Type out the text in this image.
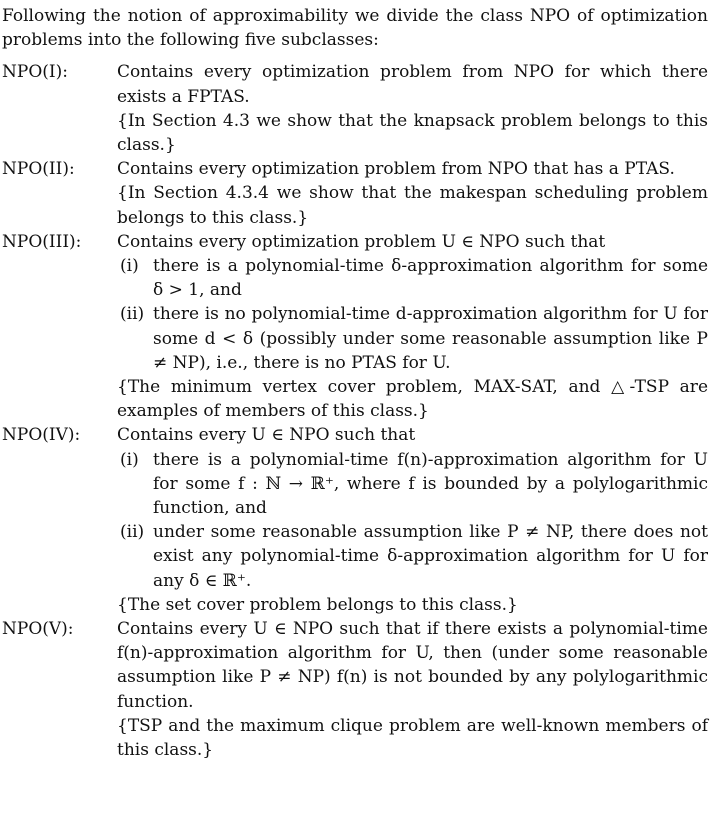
Following the notion of approximability we divide the class NPO of optimization problems into the following five subclasses:

NPO(I):	Contains every optimization problem from NPO for which there exists a FPTAS.

{In Section 4.3 we show that the knapsack problem belongs to this class.}

NPO(II): Contains every optimization problem from NPO that has a PTAS.

{In Section 4.3.4 we show that the makespan scheduling problem belongs to this class.}

NPO(III): Contains every optimization problem U ∈ NPO such that

(i) there is a polynomial-time δ-approximation algorithm for some δ > 1, and
(ii) there is no polynomial-time d-approximation algorithm for U for some d < δ (possibly under some reasonable assumption like P ≠ NP), i.e., there is no PTAS for U.

{The minimum vertex cover problem, MAX-SAT, and △-TSP are examples of members of this class.}

NPO(IV): Contains every U ∈ NPO such that

(i) there is a polynomial-time f(n)-approximation algorithm for U for some f : ℕ → ℝ⁺, where f is bounded by a polylogarithmic function, and
(ii) under some reasonable assumption like P ≠ NP, there does not exist any polynomial-time δ-approximation algorithm for U for any δ ∈ ℝ⁺.

{The set cover problem belongs to this class.}

NPO(V):	Contains every U ∈ NPO such that if there exists a polynomial-time f(n)-approximation algorithm for U, then (under some reasonable assumption like P ≠ NP) f(n) is not bounded by any polylogarithmic function.

{TSP and the maximum clique problem are well-known members of this class.}
